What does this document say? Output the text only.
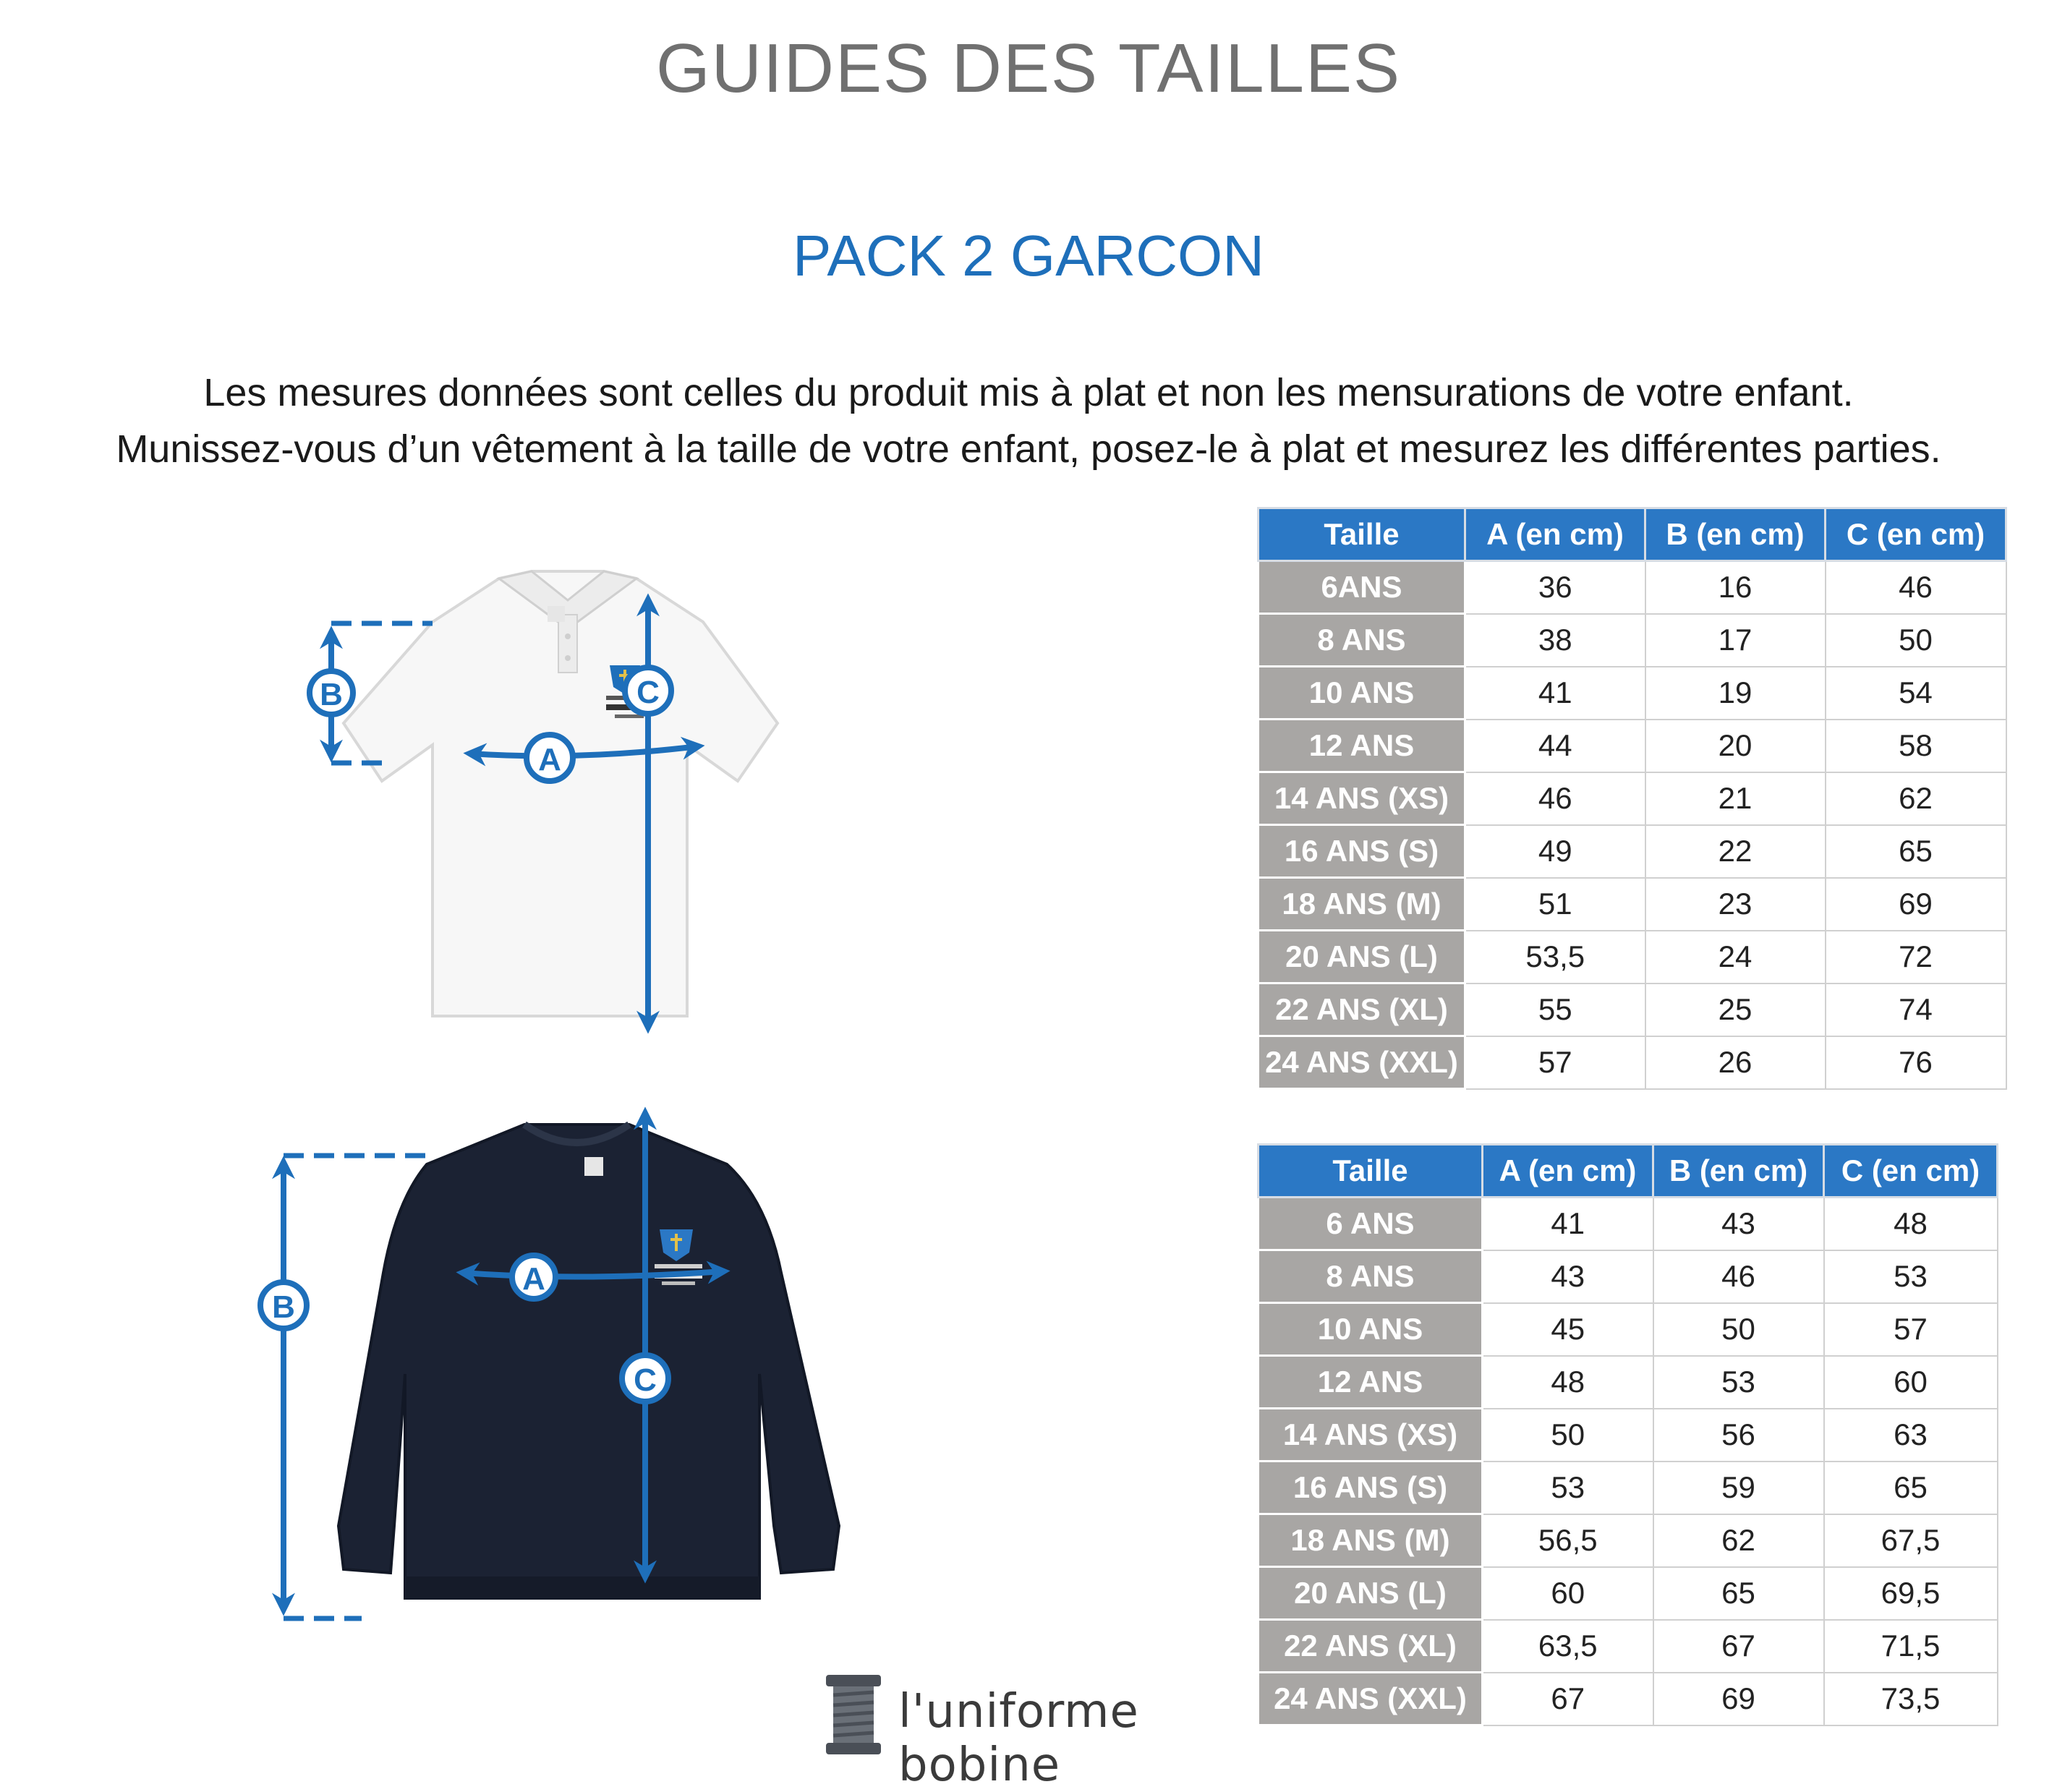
GUIDES DES TAILLES
PACK 2 GARCON
Les mesures données sont celles du produit mis à plat et non les mensurations de votre enfant.
Munissez-vous d’un vêtement à la taille de votre enfant, posez-le à plat et mesurez les différentes parties.
B
A
C
B
A
C
Taille	A (en cm)	B (en cm)	C (en cm)
6ANS	36	16	46
8 ANS	38	17	50
10 ANS	41	19	54
12 ANS	44	20	58
14 ANS (XS)	46	21	62
16 ANS (S)	49	22	65
18 ANS (M)	51	23	69
20 ANS (L)	53,5	24	72
22 ANS (XL)	55	25	74
24 ANS (XXL)	57	26	76
Taille	A (en cm)	B (en cm)	C (en cm)
6 ANS	41	43	48
8 ANS	43	46	53
10 ANS	45	50	57
12 ANS	48	53	60
14 ANS (XS)	50	56	63
16 ANS (S)	53	59	65
18 ANS (M)	56,5	62	67,5
20 ANS (L)	60	65	69,5
22 ANS (XL)	63,5	67	71,5
24 ANS (XXL)	67	69	73,5
l'uniforme bobine
